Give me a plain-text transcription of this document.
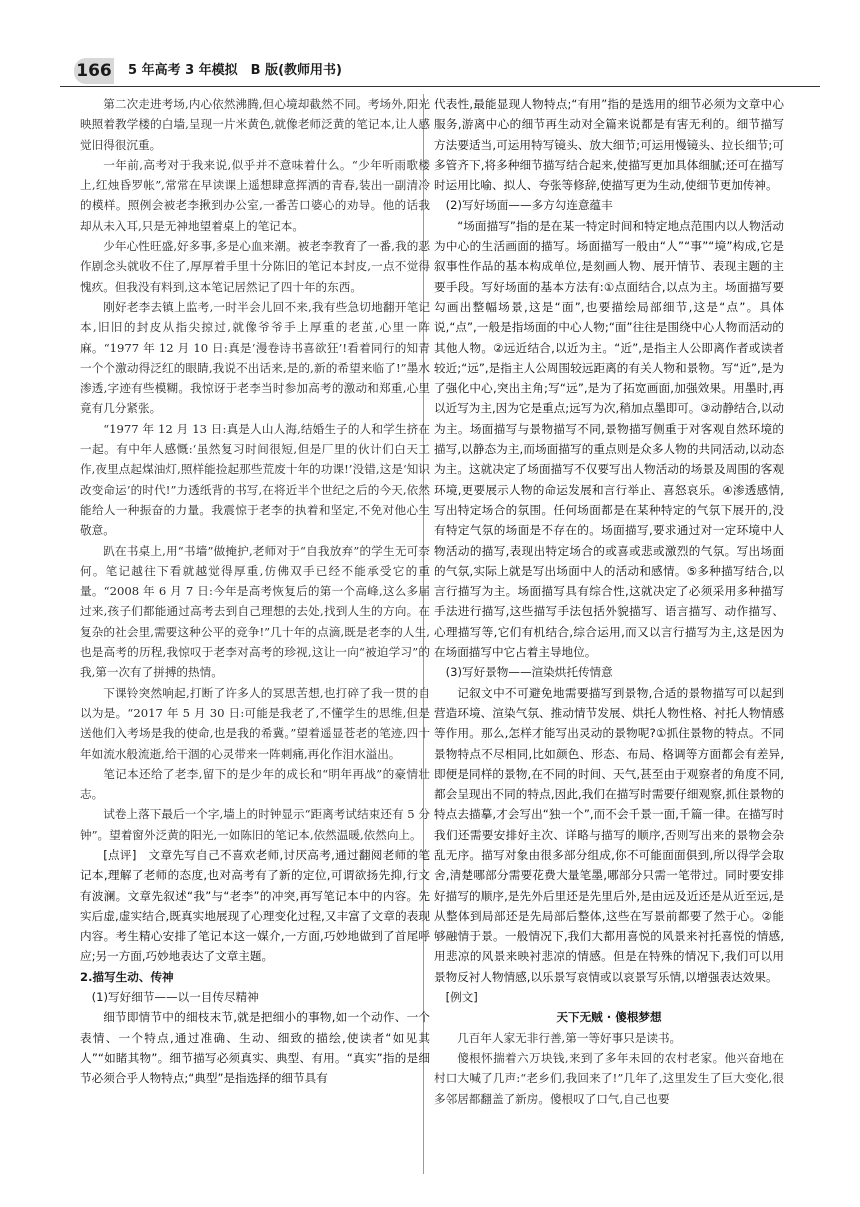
166 5 年高考 3 年模拟　B 版(教师用书)

第二次走进考场,内心依然沸腾,但心境却截然不同。考场外,阳光映照着教学楼的白墙,呈现一片米黄色,就像老师泛黄的笔记本,让人感觉旧得很沉重。

一年前,高考对于我来说,似乎并不意味着什么。“少年听雨歌楼上,红烛昏罗帐”,常常在早读课上遥想肆意挥洒的青春,装出一副清冷的模样。照例会被老李揪到办公室,一番苦口婆心的劝导。他的话我却从未入耳,只是无神地望着桌上的笔记本。

少年心性旺盛,好多事,多是心血来潮。被老李教育了一番,我的恶作剧念头就收不住了,厚厚着手里十分陈旧的笔记本封皮,一点不觉得愧疚。但我没有料到,这本笔记居然记了四十年的东西。

刚好老李去镇上监考,一时半会儿回不来,我有些急切地翻开笔记本,旧旧的封皮从指尖掠过,就像爷爷手上厚重的老茧,心里一阵麻。“1977 年 12 月 10 日:真是‘漫卷诗书喜欲狂’!看着同行的知青一个个激动得泛红的眼睛,我说不出话来,是的,新的希望来临了!”墨水渗透,字迹有些模糊。我惊讶于老李当时参加高考的激动和郑重,心里竟有几分紧张。

“1977 年 12 月 13 日:真是人山人海,结婚生子的人和学生挤在一起。有中年人感慨:‘虽然复习时间很短,但是厂里的伙计们白天工作,夜里点起煤油灯,照样能捡起那些荒废十年的功课!’没错,这是‘知识改变命运’的时代!”力透纸背的书写,在将近半个世纪之后的今天,依然能给人一种振奋的力量。我震惊于老李的执着和坚定,不免对他心生敬意。

趴在书桌上,用“书墙”做掩护,老师对于“自我放弃”的学生无可奈何。笔记越往下看就越觉得厚重,仿佛双手已经不能承受它的重量。“2008 年 6 月 7 日:今年是高考恢复后的第一个高峰,这么多届过来,孩子们都能通过高考去到自己理想的去处,找到人生的方向。在复杂的社会里,需要这种公平的竞争!”几十年的点滴,既是老李的人生,也是高考的历程,我惊叹于老李对高考的珍视,这让一向“被迫学习”的我,第一次有了拼搏的热情。

下课铃突然响起,打断了许多人的冥思苦想,也打碎了我一贯的自以为是。“2017 年 5 月 30 日:可能是我老了,不懂学生的思维,但是送他们入考场是我的使命,也是我的希冀。”望着遥显苍老的笔迹,四十年如流水般流逝,给干涸的心灵带来一阵刺痛,再化作泪水溢出。

笔记本还给了老李,留下的是少年的成长和“明年再战”的豪情壮志。

试卷上落下最后一个字,墙上的时钟显示“距离考试结束还有 5 分钟”。望着窗外泛黄的阳光,一如陈旧的笔记本,依然温暖,依然向上。

[点评]　文章先写自己不喜欢老师,讨厌高考,通过翻阅老师的笔记本,理解了老师的态度,也对高考有了新的定位,可谓欲扬先抑,行文有波澜。文章先叙述“我”与“老李”的冲突,再写笔记本中的内容。先实后虚,虚实结合,既真实地展现了心理变化过程,又丰富了文章的表现内容。考生精心安排了笔记本这一媒介,一方面,巧妙地做到了首尾呼应;另一方面,巧妙地表达了文章主题。

2.描写生动、传神

(1)写好细节——以一目传尽精神

细节即情节中的细枝末节,就是把细小的事物,如一个动作、一个表情、一个特点,通过准确、生动、细致的描绘,使读者“如见其人”“如睹其物”。细节描写必须真实、典型、有用。“真实”指的是细节必须合乎人物特点;“典型”是指选择的细节具有

代表性,最能显现人物特点;“有用”指的是选用的细节必须为文章中心服务,游离中心的细节再生动对全篇来说都是有害无利的。细节描写方法要适当,可运用特写镜头、放大细节;可运用慢镜头、拉长细节;可多管齐下,将多种细节描写结合起来,使描写更加具体细腻;还可在描写时运用比喻、拟人、夸张等修辞,使描写更为生动,使细节更加传神。

(2)写好场面——多方勾连意蕴丰

“场面描写”指的是在某一特定时间和特定地点范围内以人物活动为中心的生活画面的描写。场面描写一般由“人”“事”“境”构成,它是叙事性作品的基本构成单位,是刻画人物、展开情节、表现主题的主要手段。写好场面的基本方法有:①点面结合,以点为主。场面描写要勾画出整幅场景,这是“面”,也要描绘局部细节,这是“点”。具体说,“点”,一般是指场面的中心人物;“面”往往是围绕中心人物而活动的其他人物。②远近结合,以近为主。“近”,是指主人公即离作者或读者较近;“远”,是指主人公周围较远距离的有关人物和景物。写“近”,是为了强化中心,突出主角;写“远”,是为了拓宽画面,加强效果。用墨时,再以近写为主,因为它是重点;远写为次,稍加点墨即可。③动静结合,以动为主。场面描写与景物描写不同,景物描写侧重于对客观自然环境的描写,以静态为主,而场面描写的重点则是众多人物的共同活动,以动态为主。这就决定了场面描写不仅要写出人物活动的场景及周围的客观环境,更要展示人物的命运发展和言行举止、喜怒哀乐。④渗透感情,写出特定场合的氛围。任何场面都是在某种特定的气氛下展开的,没有特定气氛的场面是不存在的。场面描写,要求通过对一定环境中人物活动的描写,表现出特定场合的或喜或悲或激烈的气氛。写出场面的气氛,实际上就是写出场面中人的活动和感情。⑤多种描写结合,以言行描写为主。场面描写具有综合性,这就决定了必须采用多种描写手法进行描写,这些描写手法包括外貌描写、语言描写、动作描写、心理描写等,它们有机结合,综合运用,而又以言行描写为主,这是因为在场面描写中它占着主导地位。

(3)写好景物——渲染烘托传情意

记叙文中不可避免地需要描写到景物,合适的景物描写可以起到营造环境、渲染气氛、推动情节发展、烘托人物性格、衬托人物情感等作用。那么,怎样才能写出灵动的景物呢?①抓住景物的特点。不同景物特点不尽相同,比如颜色、形态、布局、格调等方面都会有差异,即便是同样的景物,在不同的时间、天气,甚至由于观察者的角度不同,都会呈现出不同的特点,因此,我们在描写时需要仔细观察,抓住景物的特点去描摹,才会写出“独一个”,而不会千景一面,千篇一律。在描写时我们还需要安排好主次、详略与描写的顺序,否则写出来的景物会杂乱无序。描写对象由很多部分组成,你不可能面面俱到,所以得学会取舍,清楚哪部分需要花费大量笔墨,哪部分只需一笔带过。同时要安排好描写的顺序,是先外后里还是先里后外,是由远及近还是从近至远,是从整体到局部还是先局部后整体,这些在写景前都要了然于心。②能够融情于景。一般情况下,我们大都用喜悦的风景来衬托喜悦的情感,用悲凉的风景来映衬悲凉的情感。但是在特殊的情况下,我们可以用景物反衬人物情感,以乐景写哀情或以哀景写乐情,以增强表达效果。

[例文]

天下无贼 · 傻根梦想

几百年人家无非行善,第一等好事只是读书。

傻根怀揣着六万块钱,来到了多年未回的农村老家。他兴奋地在村口大喊了几声:“老乡们,我回来了!”几年了,这里发生了巨大变化,很多邻居都翻盖了新房。傻根叹了口气,自己也要
